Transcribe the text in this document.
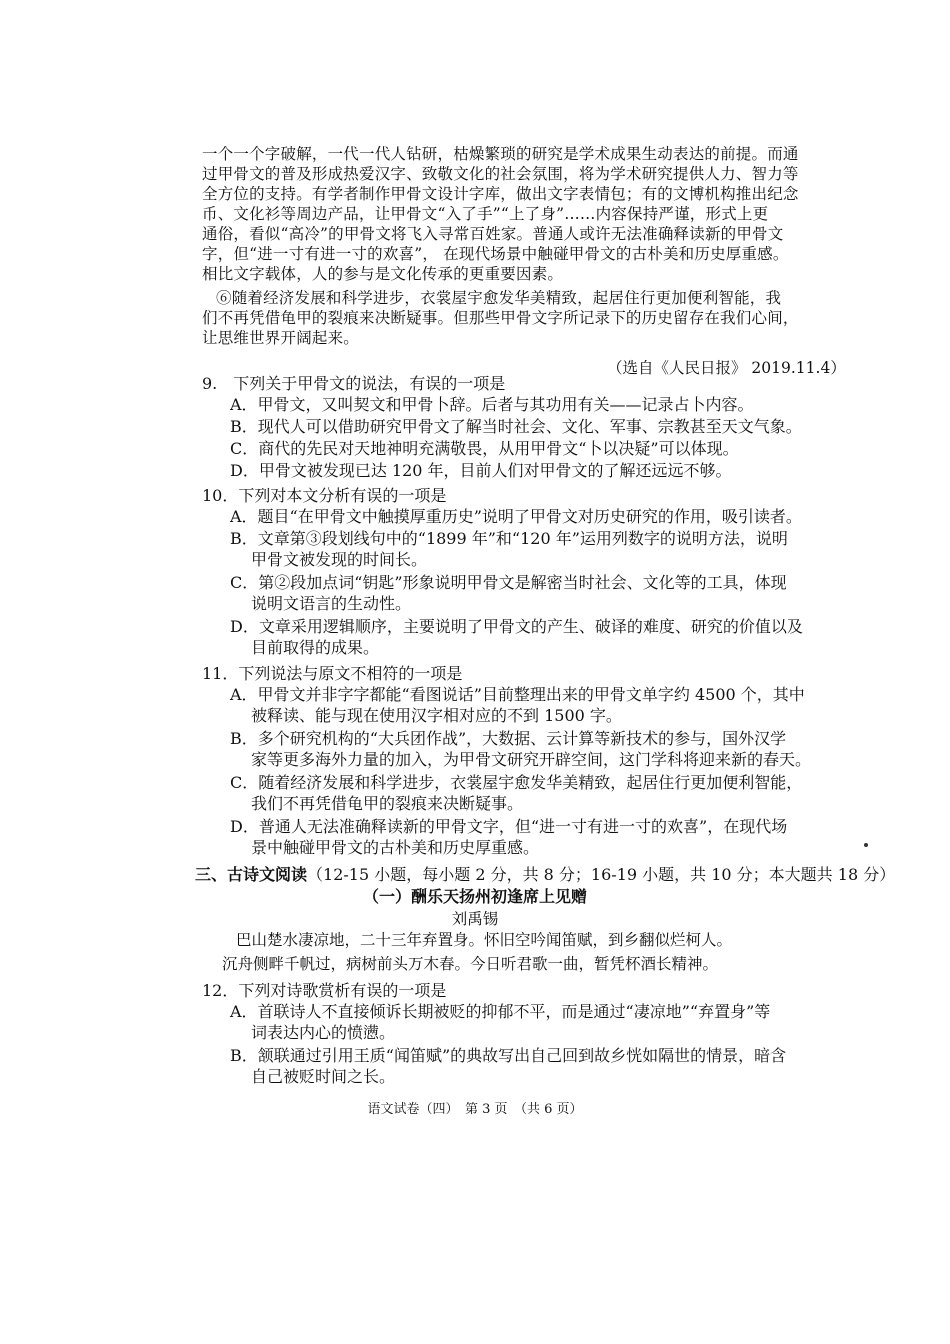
一个一个字破解，一代一代人钻研，枯燥繁琐的研究是学术成果生动表达的前提。而通
过甲骨文的普及形成热爱汉字、致敬文化的社会氛围，将为学术研究提供人力、智力等
全方位的支持。有学者制作甲骨文设计字库，做出文字表情包；有的文博机构推出纪念
币、文化衫等周边产品，让甲骨文“入了手”“上了身”……内容保持严谨，形式上更
通俗，看似“高冷”的甲骨文将飞入寻常百姓家。普通人或许无法准确释读新的甲骨文
字，但“进一寸有进一寸的欢喜”， 在现代场景中触碰甲骨文的古朴美和历史厚重感。
相比文字载体，人的参与是文化传承的更重要因素。
⑥随着经济发展和科学进步，衣裳屋宇愈发华美精致，起居住行更加便利智能，我
们不再凭借龟甲的裂痕来决断疑事。但那些甲骨文字所记录下的历史留存在我们心间，
让思维世界开阔起来。
（选自《人民日报》 2019.11.4）
9.　下列关于甲骨文的说法，有误的一项是
A．甲骨文，又叫契文和甲骨卜辞。后者与其功用有关——记录占卜内容。
B．现代人可以借助研究甲骨文了解当时社会、文化、军事、宗教甚至天文气象。
C．商代的先民对天地神明充满敬畏，从用甲骨文“卜以决疑”可以体现。
D．甲骨文被发现已达 120 年，目前人们对甲骨文的了解还远远不够。
10．下列对本文分析有误的一项是
A．题目“在甲骨文中触摸厚重历史”说明了甲骨文对历史研究的作用，吸引读者。
B．文章第③段划线句中的“1899 年”和“120 年”运用列数字的说明方法，说明
甲骨文被发现的时间长。
C．第②段加点词“钥匙”形象说明甲骨文是解密当时社会、文化等的工具，体现
说明文语言的生动性。
D．文章采用逻辑顺序，主要说明了甲骨文的产生、破译的难度、研究的价值以及
目前取得的成果。
11．下列说法与原文不相符的一项是
A．甲骨文并非字字都能“看图说话”目前整理出来的甲骨文单字约 4500 个，其中
被释读、能与现在使用汉字相对应的不到 1500 字。
B．多个研究机构的“大兵团作战”，大数据、云计算等新技术的参与，国外汉学
家等更多海外力量的加入，为甲骨文研究开辟空间，这门学科将迎来新的春天。
C．随着经济发展和科学进步，衣裳屋宇愈发华美精致，起居住行更加便利智能，
我们不再凭借龟甲的裂痕来决断疑事。
D．普通人无法准确释读新的甲骨文字，但“进一寸有进一寸的欢喜”，在现代场
景中触碰甲骨文的古朴美和历史厚重感。
三、古诗文阅读（12-15 小题，每小题 2 分，共 8 分；16-19 小题，共 10 分；本大题共 18 分）
（一）酬乐天扬州初逢席上见赠
刘禹锡
巴山楚水凄凉地，二十三年弃置身。怀旧空吟闻笛赋，到乡翻似烂柯人。
沉舟侧畔千帆过，病树前头万木春。今日听君歌一曲，暂凭杯酒长精神。
12．下列对诗歌赏析有误的一项是
A．首联诗人不直接倾诉长期被贬的抑郁不平，而是通过“凄凉地”“弃置身”等
词表达内心的愤懑。
B．颔联通过引用王质“闻笛赋”的典故写出自己回到故乡恍如隔世的情景，暗含
自己被贬时间之长。
语文试卷（四）　第 3 页　（共 6 页）
